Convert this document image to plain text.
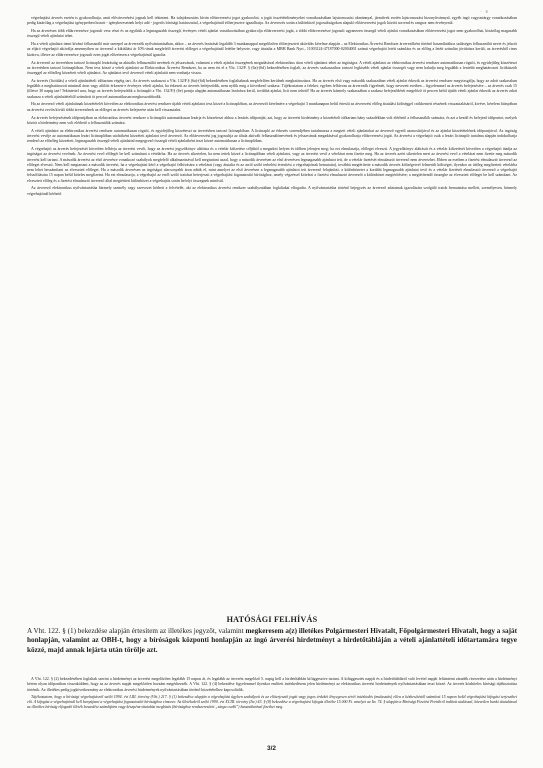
· s

végrehajtási árverés esetén is gyakorolhatja, amit elővárverézési jognak kell tekinteni. Ha tulajdonostárs kíván előárverezési jogot gyakorolni, a jogát összétételtményeket vonatkozásában lajstromozási okmánnyal, járművek esetén lajstromozási bizonyítvánnyal, egyéb ingó vagyontárgy vonatkozásában pedig kizárólag a végrehajtási igényperben hozott - igénykeresetnek helyt adó - jogerős bírósági határozattal, a végrehajtónál előterjesztve igazolhatja. Az árverezés során a különböző jogosultságokon alapuló előárverezési jogok között sorrend és rangsor nem érvényesül.

Ha az árverésen több előárverezésre jogosult vesz részt és az egyikük a legmagasabb összegű, érvényes vételi ajánlat vonatkozásában gyakorolja előárverezési jogát, a többi előárverezésre jogosult ugyanezen összegű vételi ajánlat vonatkozásában előárverezési jogot nem gyakorolhat, kizárólag magasabb összegű vételi ajánlatot tehet.

Ha a vételi ajánlatot tenni kívánó felhasználó már szerepel az árverezők nyilvántartásában, akkor – az árverés lezárását legalább 3 munkanappal megelőzően előterjesztett aktiválás kérelme alapján – az Elektronikus Árverési Rendszer árverezőként történő használatához szükséges felhasználói nevet és jelszót az eljáró végrehajtó aktiválja amennyiben az árverező a kikiáltási ár 10%-ának megfelelő árverési előleget a végrehajtónál letétbe helyezte, vagy átutalta a MBH Bank Nyrt., 11003124-47187000-02004001 számú végrehajtói letéti számlára és az előleg a letéti számlán jóváírásra került, az árverésből rines kizárva, illetve az előárverezésre jogosult ezen jogát előzetesen a végrehajtónál igazolta.

Az árverező az árverésben tartozó licitnapló lezárásáig az aktuális felhasználói nevének és jelszavának, valamint a vételi ajánlat összegének megadásával elektronikus úton vételi ajánlatot tehet az ingóságra. A vételi ajánlatot az elektronikus árverési rendszer automatikusan rögzíti, és egyidejűleg közzéteszi az árverésben tartozó licitnaplóban. Nem tesz közzé a vételi ajánlatot az Elektronikus Árverési Rendszer, ha az nem éri el a Vht. 132/F. § (6a)-(6d) bekezdésében foglalt, az árverés szakaszaihoz tartozó legkisebb vételi ajánlat összegét vagy nem haladja meg legalább a fentebb meghatározott licitküszöb összeggel az előzőleg közzétett vételi ajánlatot. Az ajánlatot tevő árverező vételi ajánlatát nem vonhatja vissza.

Az árverés (licitálás) a vételi ajánlattételi időtartam végéig tart. Az árverés szakaszai a Vht. 132/F.§ (6a)-(6d) bekezdésében foglaltaknak megfelelően kerülnek meghatározásra. Ha az árverés első vagy második szakaszában vételi ajánlat érkezik az árverési rendszer megvizsgálja, hogy az adott szakaszban legalább a meghatározott minimál áron vagy afölött érkezett-e érvényes vételi ajánlat, ha érkezett az árverés befejeződik, nem nyílik meg a következő szakasz. Tájékoztatom a feleket, egyben felhívom az árverezők figyelmét, hogy nevezett esetben – figyelemmel az árverés befejezésére – az árverés csak 15 (illetve 30 napig tart! Tekintettel arra, hogy az árverés befejeződik a licitnapló a Vht. 132/F.§ (6e) pontja alapján automatikusan lezárásra kerül, továbbá ajánlat, licit nem tehető! Ha az árverés bármely szakaszában a szakasz befejeződését megelőző öt percen belül újabb vételi ajánlat érkezik az árverés adott szakasza a vételi ajánlattételtől számított öt perccel automatikusan meghosszabbodik.

Ha az árverező vételi ajánlatának közzétételét követően az elektronikus árverési rendszer újabb vételi ajánlatot tesz közzé a licitnaplóban, az árverezőt kérelmére a végrehajtó 3 munkanapon belül értesíti az árverezési előleg átutalási költséggel csökkentett részének visszautalásáról, kivéve, kérelem hiányában az árverési vevőn kívüli többi árverezőnek az előleget az árverés befejezése után kell visszautalni.

Az árverés befejezésének időpontjában az elektronikus árverési rendszer a licitnaplót automatikusan lezárja és közzéteszi ahhoz a lezárás időpontját, azt, hogy az árverési hirdetmény a közzétételi időtartam hány százalékban volt elérhető a felhasználók számára, és azt a kezdő és befejező időpontot, melyek között a hirdetmény nem volt elérhető a felhasználók számára.

A vételi ajánlatot az elektronikus árverési rendszer automatikusan rögzíti, és egyidejűleg közzéteszi az árverésben tartozó licitnaplóban. A licitnapló az érkezés sorrendjében tartalmazza a megtett vételi ajánlatokat az árverező egyedi azonosítójával és az ajánlat közzétételének időpontjával. Az ingóság árverési vevője az automatikusan lezárt licitnaplóban utolsóként közzétett ajánlatot tevő árverező. Az előárverezési jog jogosultja az általa aktivált felhasználónevének és jelszavának megadásával gyakorolhatja előárverezési jogát. Az árverést a végrehajtó csak a lezárt licitnapló tartalma alapján indokolhatja rendező az előzőleg közzétett, legmagasabb összegű vételi ajánlattal megegyező összegű vételi ajánlatként teszi közzé automatikusan a licitnaplóban.

A végrehajtó az árverés befejezését követően felhívja az árverési vevőt, hogy az árverési jegyzőkönyv aláírása és a vételár kifizetése céljából a megadott helyen és időben jelenjen meg; ha ezt elmulasztja, előleget elveszti. A jegyzőkönyv aláírását és a vételár kifizetését követően a végrehajtó átadja az ingóságot az árverési vevőnek. Az árverési vevő előlegét be kell számítani a vételárba. Ha az árverés sikertelen, ha nem tettek közzé a licitnaplóban vételi ajánlatot, vagy az árverési vevő a vételárat nem fizette meg. Ha az árverés azért sikertelen mert az árverési vevő a vételárat nem fizette meg második árverést kell tartani. A második árverést az első árverésre vonatkozó szabályok megfelelő alkalmazásával kell megtartani azzal, hogy a második árverésen az első árverésen legmagasabb ajánlatot tett, de a vételár fizetését elmulasztó árverező nem árverezhet. Ebben az esetben a fizetést elmulasztó árverező az előleget elveszti. Nem kell megtartani a második árverést, ha a végrehajtást kérő a végrehajtó felhívására a vételárat (vagy átutalta és az arról szóló terhelési értesítést a végrehajtónak bemutatta), továbbá megtérítette a második árverés költségeivel felmerült költséget; ilyenkor az ütőleg megfizetett vételárba nem lehet beszámítani az elvesztett előleget. Ha a második árverésen az ingóságot alacsonyabb áron adták el, mint amelyet az első árverésen a legmagasabb ajánlatot tett árverező felajánlott, a különbözetet a korábbi legmagasabb ajánlatot tevő és a vételár fizetését elmulasztó árverező a végrehajtó felszólítására 15 napon belül köteles megfizetni. Ha ezt elmulasztja, a végrehajtó az erről szóló iratokat beterjeszti a végrehajtást foganatosító bírósághoz, amely végzéssel kötelezi a fizetést elmulasztó árverezőt a különbözet megtérítésére; a megtérítendő összegbe az elvesztett előleget be kell számítani. Az elvesztett előleg és a fizetést elmulasztó árverező által megtérített különbözet a végrehajtás során befolyt összegnek minősül.

Az árverező elektronikus nyilvántartásba bármely személy vagy szervezet kérheti a felvételét, aki az elektronikus árverési rendszer szabályzatában foglaltakat elfogadta. A nyilvántartásba történő bejegyzés az árverező adatainak igazolására szolgáló iratok bemutatása mellett, személyesen, bármely végrehajtónál kérhető.

HATÓSÁGI FELHÍVÁS
A Vht. 122. § (1) bekezdése alapján értesítem az illetékes jegyzőt, valamint megkeresem a(z) illetékes Polgármesteri Hivatalt, Főpolgármesteri Hivatalt, hogy a saját honlapján, valamint az OBH-t, hogy a bíróságok központi honlapján az ingó árverési hirdetményt a hirdetőtábláján a vételi ajánlattételi időtartamára tegye közzé, majd annak lejárta után törölje azt.

A Vht. 122. § (2) bekezdésében foglaltak szerint a hirdetményt az árverést megelőzően legalább 15 napon át, és legalább az árverést megelőző 5. napig kell a hirdetőtáblán kifüggesztve tartani. A kifüggesztés napját és a hirdetőtábláról való levétel napját feltüntetni záradék rávezetése után a hirdetményt kérem olyan időpontban visszaküldeni, hogy az az árverés napját megelőzően hozzám megérkezzék. A Vht. 122. § (4) bekezdése figyelemmel ilyenkor említett intézkedésem jelen hirdetményt az elektronikus árverési hirdetmények nyilvántartásában teszi közzé. Az árverés közhiteles bírósági tájékoztatása történik. Az illetékes pedig jogkövetkezmény az elektronikus árverési hirdetmények nyilvántartásában történő közzétételhez kapcsolódik.

Tájékoztatom, hogy a bírósági végrehajtásról szóló 1994. évi LIII. törvény (Vht.) 217. § (1) bekezdése alapján a végrehajtási ügyben szabályait és az előterjesztő jogát vagy jogos érdekét lényegesen sértő intézkedés (mulasztás) ellen a kézbesítéstől számított 15 napon belül végrehajtási kifogást terjeszthet elő. A kifogást a végrehajtónál kell benyújtani a végrehajtást foganatosító bírósághoz címezve. Az illetékekről szóló 1990. évi XCIII. törvény (Itv.) 43. § (8) bekezdése a végrehajtási kifogás illetéke 15.000 Ft. amelyet az Itv. 74. § alapján a Bírósági Fizetési Portálról indított utalással, közvetlen banki átutalással az illetékes bíróság elfogadó illeték beszedési számlájára vagy készpénz-átutalási megbízás (bírósághoz rendszeresített „sárga csekk”) használatával fizethet meg.

3/2
